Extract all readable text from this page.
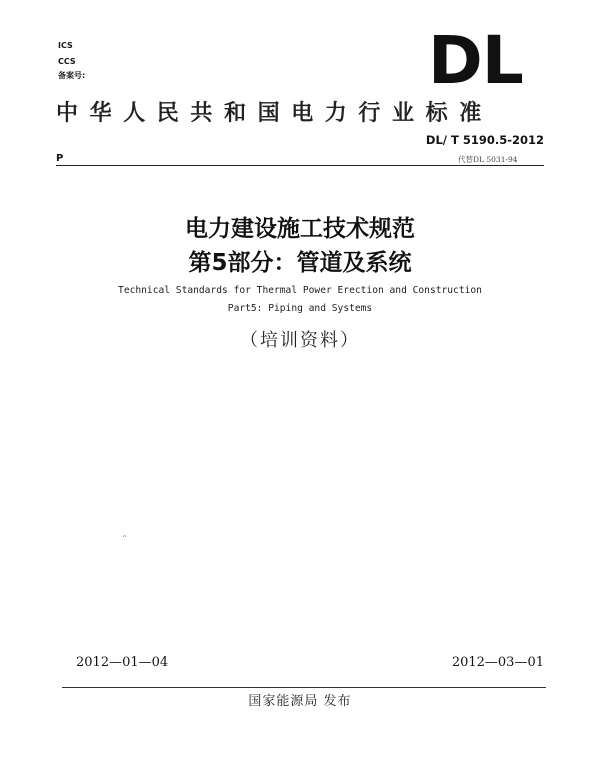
ICS
CCS
备案号:	DL
中华人民共和国电力行业标准
DL/ T 5190.5-2012
P	代替DL 5031-94
电力建设施工技术规范
第5部分：管道及系统
Technical Standards for Thermal Power Erection and Construction
Part5: Piping and Systems
（培训资料）
^
2012—01—04	2012—03—01
国家能源局 发布
